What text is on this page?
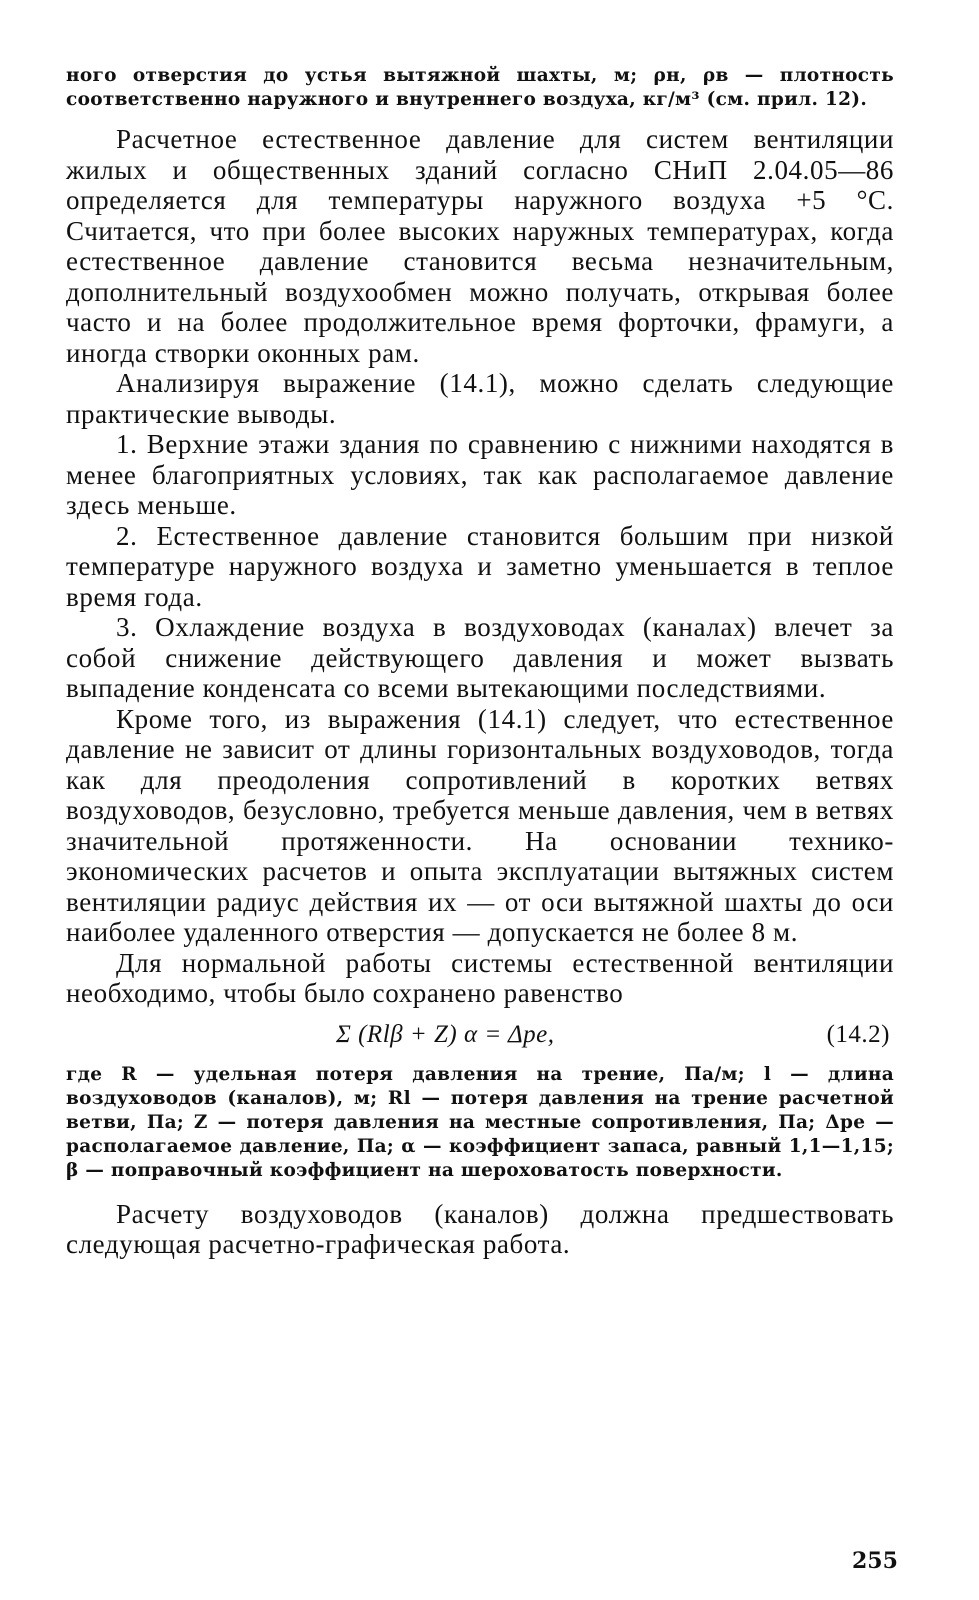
ного отверстия до устья вытяжной шахты, м; ρн, ρв — плотность соответственно наружного и внутреннего воздуха, кг/м³ (см. прил. 12).

Расчетное естественное давление для систем вентиляции жилых и общественных зданий согласно СНиП 2.04.05—86 определяется для температуры наружного воздуха +5 °С. Считается, что при более высоких наружных температурах, когда естественное давление становится весьма незначительным, дополнительный воздухообмен можно получать, открывая более часто и на более продолжительное время форточки, фрамуги, а иногда створки оконных рам.

Анализируя выражение (14.1), можно сделать следующие практические выводы.

1. Верхние этажи здания по сравнению с нижними находятся в менее благоприятных условиях, так как располагаемое давление здесь меньше.

2. Естественное давление становится большим при низкой температуре наружного воздуха и заметно уменьшается в теплое время года.

3. Охлаждение воздуха в воздуховодах (каналах) влечет за собой снижение действующего давления и может вызвать выпадение конденсата со всеми вытекающими последствиями.

Кроме того, из выражения (14.1) следует, что естественное давление не зависит от длины горизонтальных воздуховодов, тогда как для преодоления сопротивлений в коротких ветвях воздуховодов, безусловно, требуется меньше давления, чем в ветвях значительной протяженности. На основании технико-экономических расчетов и опыта эксплуатации вытяжных систем вентиляции радиус действия их — от оси вытяжной шахты до оси наиболее удаленного отверстия — допускается не более 8 м.

Для нормальной работы системы естественной вентиляции необходимо, чтобы было сохранено равенство

Σ (Rlβ + Z) α = Δpе,	(14.2)

где R — удельная потеря давления на трение, Па/м; l — длина воздуховодов (каналов), м; Rl — потеря давления на трение расчетной ветви, Па; Z — потеря давления на местные сопротивления, Па; Δpе — располагаемое давление, Па; α — коэффициент запаса, равный 1,1—1,15; β — поправочный коэффициент на шероховатость поверхности.

Расчету воздуховодов (каналов) должна предшествовать следующая расчетно-графическая работа.

255
